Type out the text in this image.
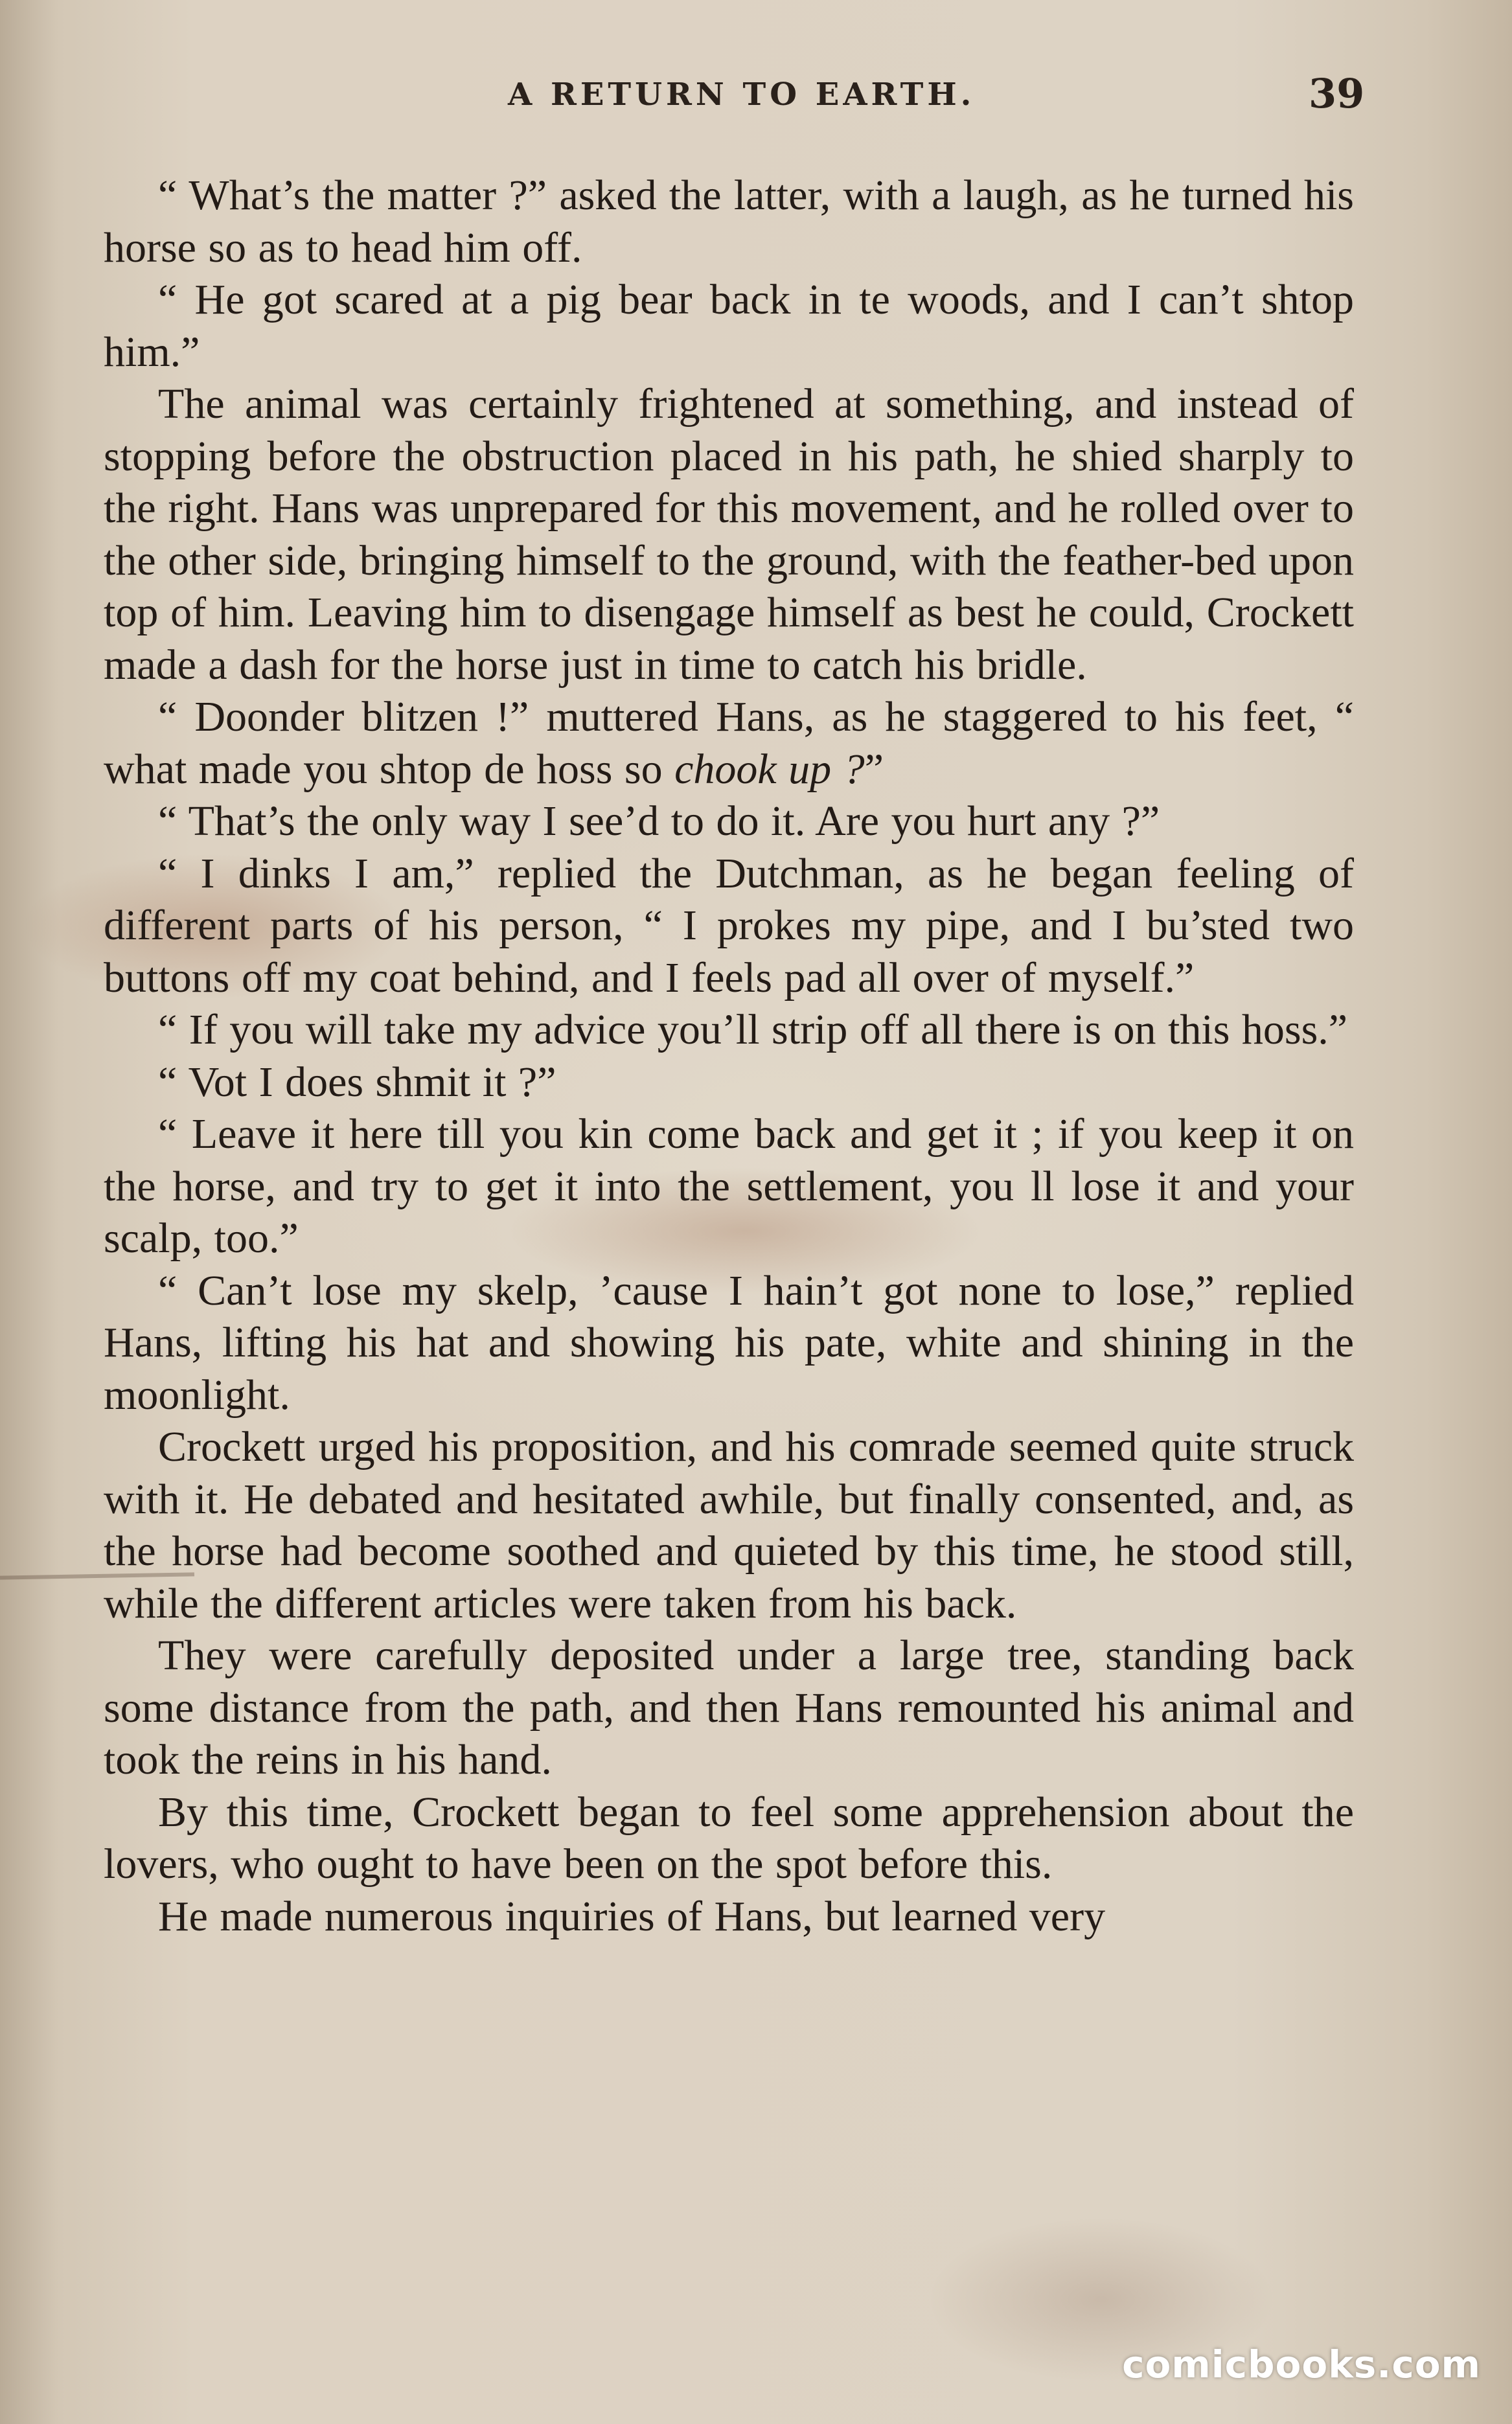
A RETURN TO EARTH.	39

“ What’s the matter ?” asked the latter, with a laugh, as he turned his horse so as to head him off.

“ He got scared at a pig bear back in te woods, and I can’t shtop him.”

The animal was certainly frightened at something, and instead of stopping before the obstruction placed in his path, he shied sharply to the right. Hans was unprepared for this movement, and he rolled over to the other side, bringing himself to the ground, with the feather-bed upon top of him. Leaving him to disengage himself as best he could, Crockett made a dash for the horse just in time to catch his bridle.

“ Doonder blitzen !” muttered Hans, as he staggered to his feet, “ what made you shtop de hoss so chook up ?”

“ That’s the only way I see’d to do it. Are you hurt any ?”

“ I dinks I am,” replied the Dutchman, as he began feeling of different parts of his person, “ I prokes my pipe, and I bu’sted two buttons off my coat behind, and I feels pad all over of myself.”

“ If you will take my advice you’ll strip off all there is on this hoss.”

“ Vot I does shmit it ?”

“ Leave it here till you kin come back and get it ; if you keep it on the horse, and try to get it into the settlement, you ll lose it and your scalp, too.”

“ Can’t lose my skelp, ’cause I hain’t got none to lose,” replied Hans, lifting his hat and showing his pate, white and shining in the moonlight.

Crockett urged his proposition, and his comrade seemed quite struck with it. He debated and hesitated awhile, but finally consented, and, as the horse had become soothed and quieted by this time, he stood still, while the different articles were taken from his back.

They were carefully deposited under a large tree, standing back some distance from the path, and then Hans remounted his animal and took the reins in his hand.

By this time, Crockett began to feel some apprehension about the lovers, who ought to have been on the spot before this.

He made numerous inquiries of Hans, but learned very

comicbooks.com
